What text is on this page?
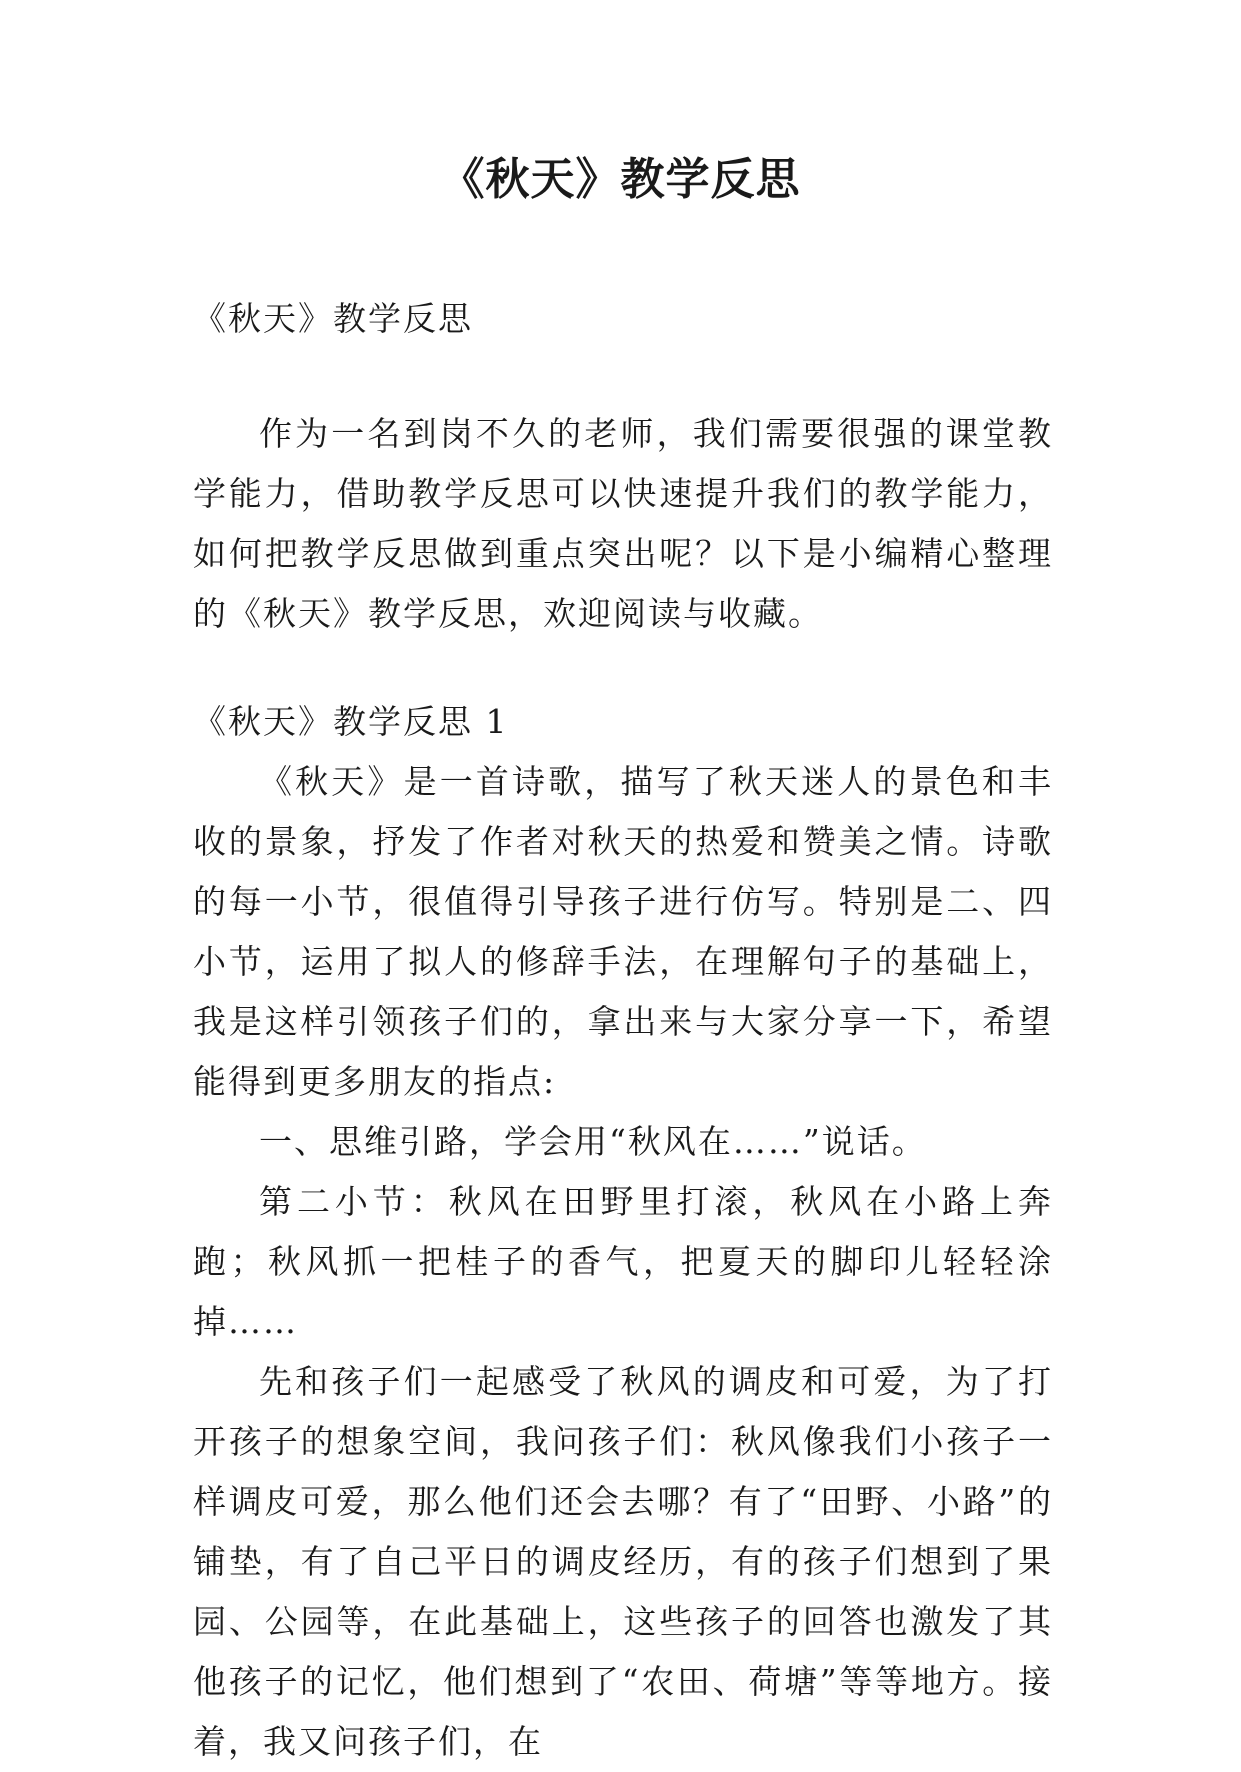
《秋天》教学反思

《秋天》教学反思

作为一名到岗不久的老师，我们需要很强的课堂教学能力，借助教学反思可以快速提升我们的教学能力，如何把教学反思做到重点突出呢？以下是小编精心整理的《秋天》教学反思，欢迎阅读与收藏。

《秋天》教学反思 1

《秋天》是一首诗歌，描写了秋天迷人的景色和丰收的景象，抒发了作者对秋天的热爱和赞美之情。诗歌的每一小节，很值得引导孩子进行仿写。特别是二、四小节，运用了拟人的修辞手法，在理解句子的基础上，我是这样引领孩子们的，拿出来与大家分享一下，希望能得到更多朋友的指点:

一、思维引路，学会用“秋风在……”说话。

第二小节：秋风在田野里打滚，秋风在小路上奔跑；秋风抓一把桂子的香气，把夏天的脚印儿轻轻涂掉……

先和孩子们一起感受了秋风的调皮和可爱，为了打开孩子的想象空间，我问孩子们：秋风像我们小孩子一样调皮可爱，那么他们还会去哪？有了“田野、小路”的铺垫，有了自己平日的调皮经历，有的孩子们想到了果园、公园等，在此基础上，这些孩子的回答也激发了其他孩子的记忆，他们想到了“农田、荷塘”等等地方。接着，我又问孩子们，在
